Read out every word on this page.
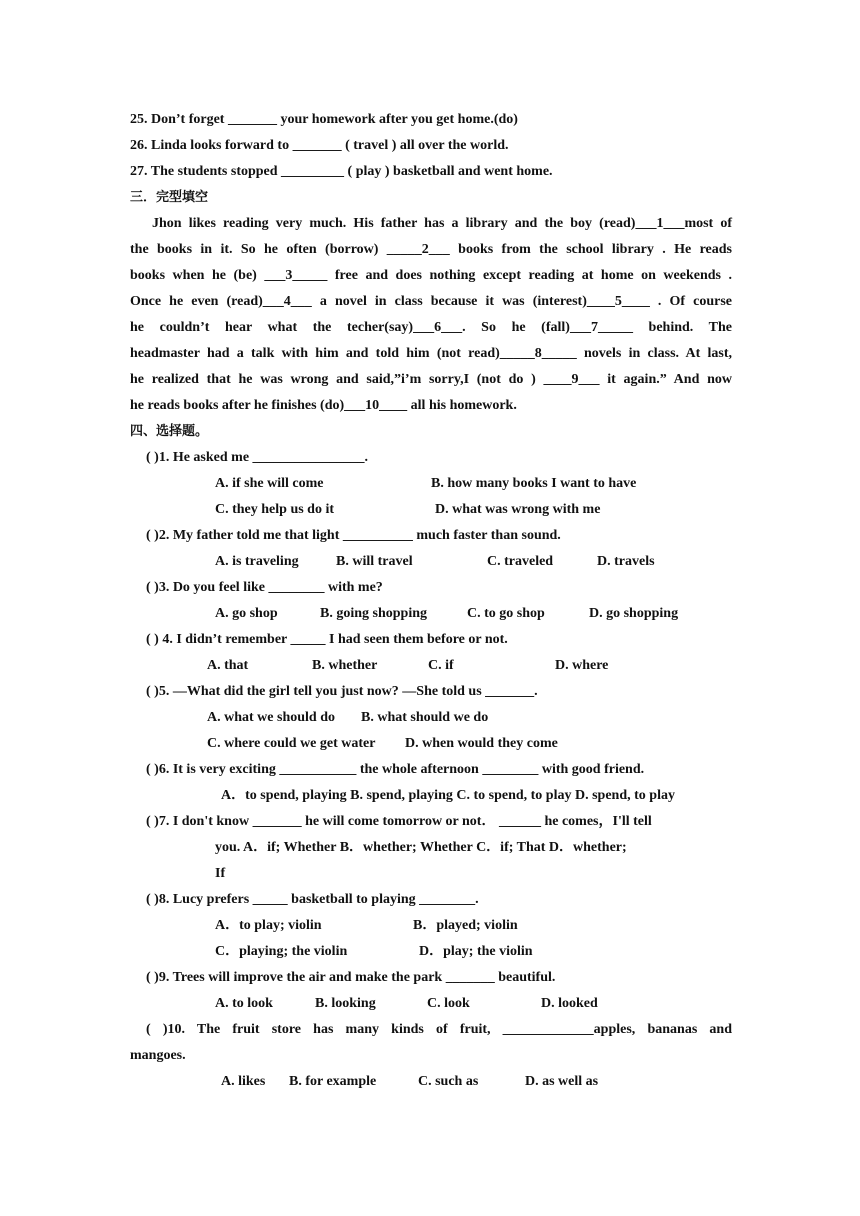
25. Don’t forget _______ your homework after you get home.(do)
26. Linda looks forward to _______ ( travel ) all over the world.
27. The students stopped _________ ( play ) basketball and went home.
三．完型填空
Jhon likes reading very much. His father has a library and the boy (read)___1___most of
the books in it. So he often (borrow) _____2___ books from the school library . He reads
books when he (be) ___3_____ free and does nothing except reading at home on weekends .
Once he even (read)___4___ a novel in class because it was (interest)____5____ . Of course
he couldn’t hear what the techer(say)___6___. So he (fall)___7_____ behind. The
headmaster had a talk with him and told him (not read)_____8_____ novels in class. At last,
he realized that he was wrong and said,”i’m sorry,I (not do ) ____9___ it again.” And now
he reads books after he finishes (do)___10____ all his homework.
四、选择题。
( )1. He asked me ________________.
A. if she will come	B. how many books I want to have
C. they help us do it	D. what was wrong with me
( )2. My father told me that light __________ much faster than sound.
A. is traveling	B. will travel	C. traveled	D. travels
( )3. Do you feel like ________ with me?
A. go shop	B. going shopping	C. to go shop	D. go shopping
( ) 4. I didn’t remember _____ I had seen them before or not.
A. that	B. whether	C. if	D. where
( )5. —What did the girl tell you just now? —She told us _______.
A. what we should do B. what should we do
C. where could we get water D. when would they come
( )6. It is very exciting ___________ the whole afternoon ________ with good friend.
A．to spend, playing B. spend, playing C. to spend, to play D. spend, to play
( )7. I don't know _______ he will come tomorrow or not． ______ he comes，I'll tell
you. A．if; Whether B．whether; Whether C．if; That D．whether;
If
( )8. Lucy prefers _____ basketball to playing ________.
A．to play; violin	B．played; violin
C．playing; the violin	D．play; the violin
( )9. Trees will improve the air and make the park _______ beautiful.
A. to look	B. looking	C. look	D. looked
( )10. The fruit store has many kinds of fruit, _____________apples, bananas and
mangoes.
A. likes B. for example	C. such as	D. as well as
